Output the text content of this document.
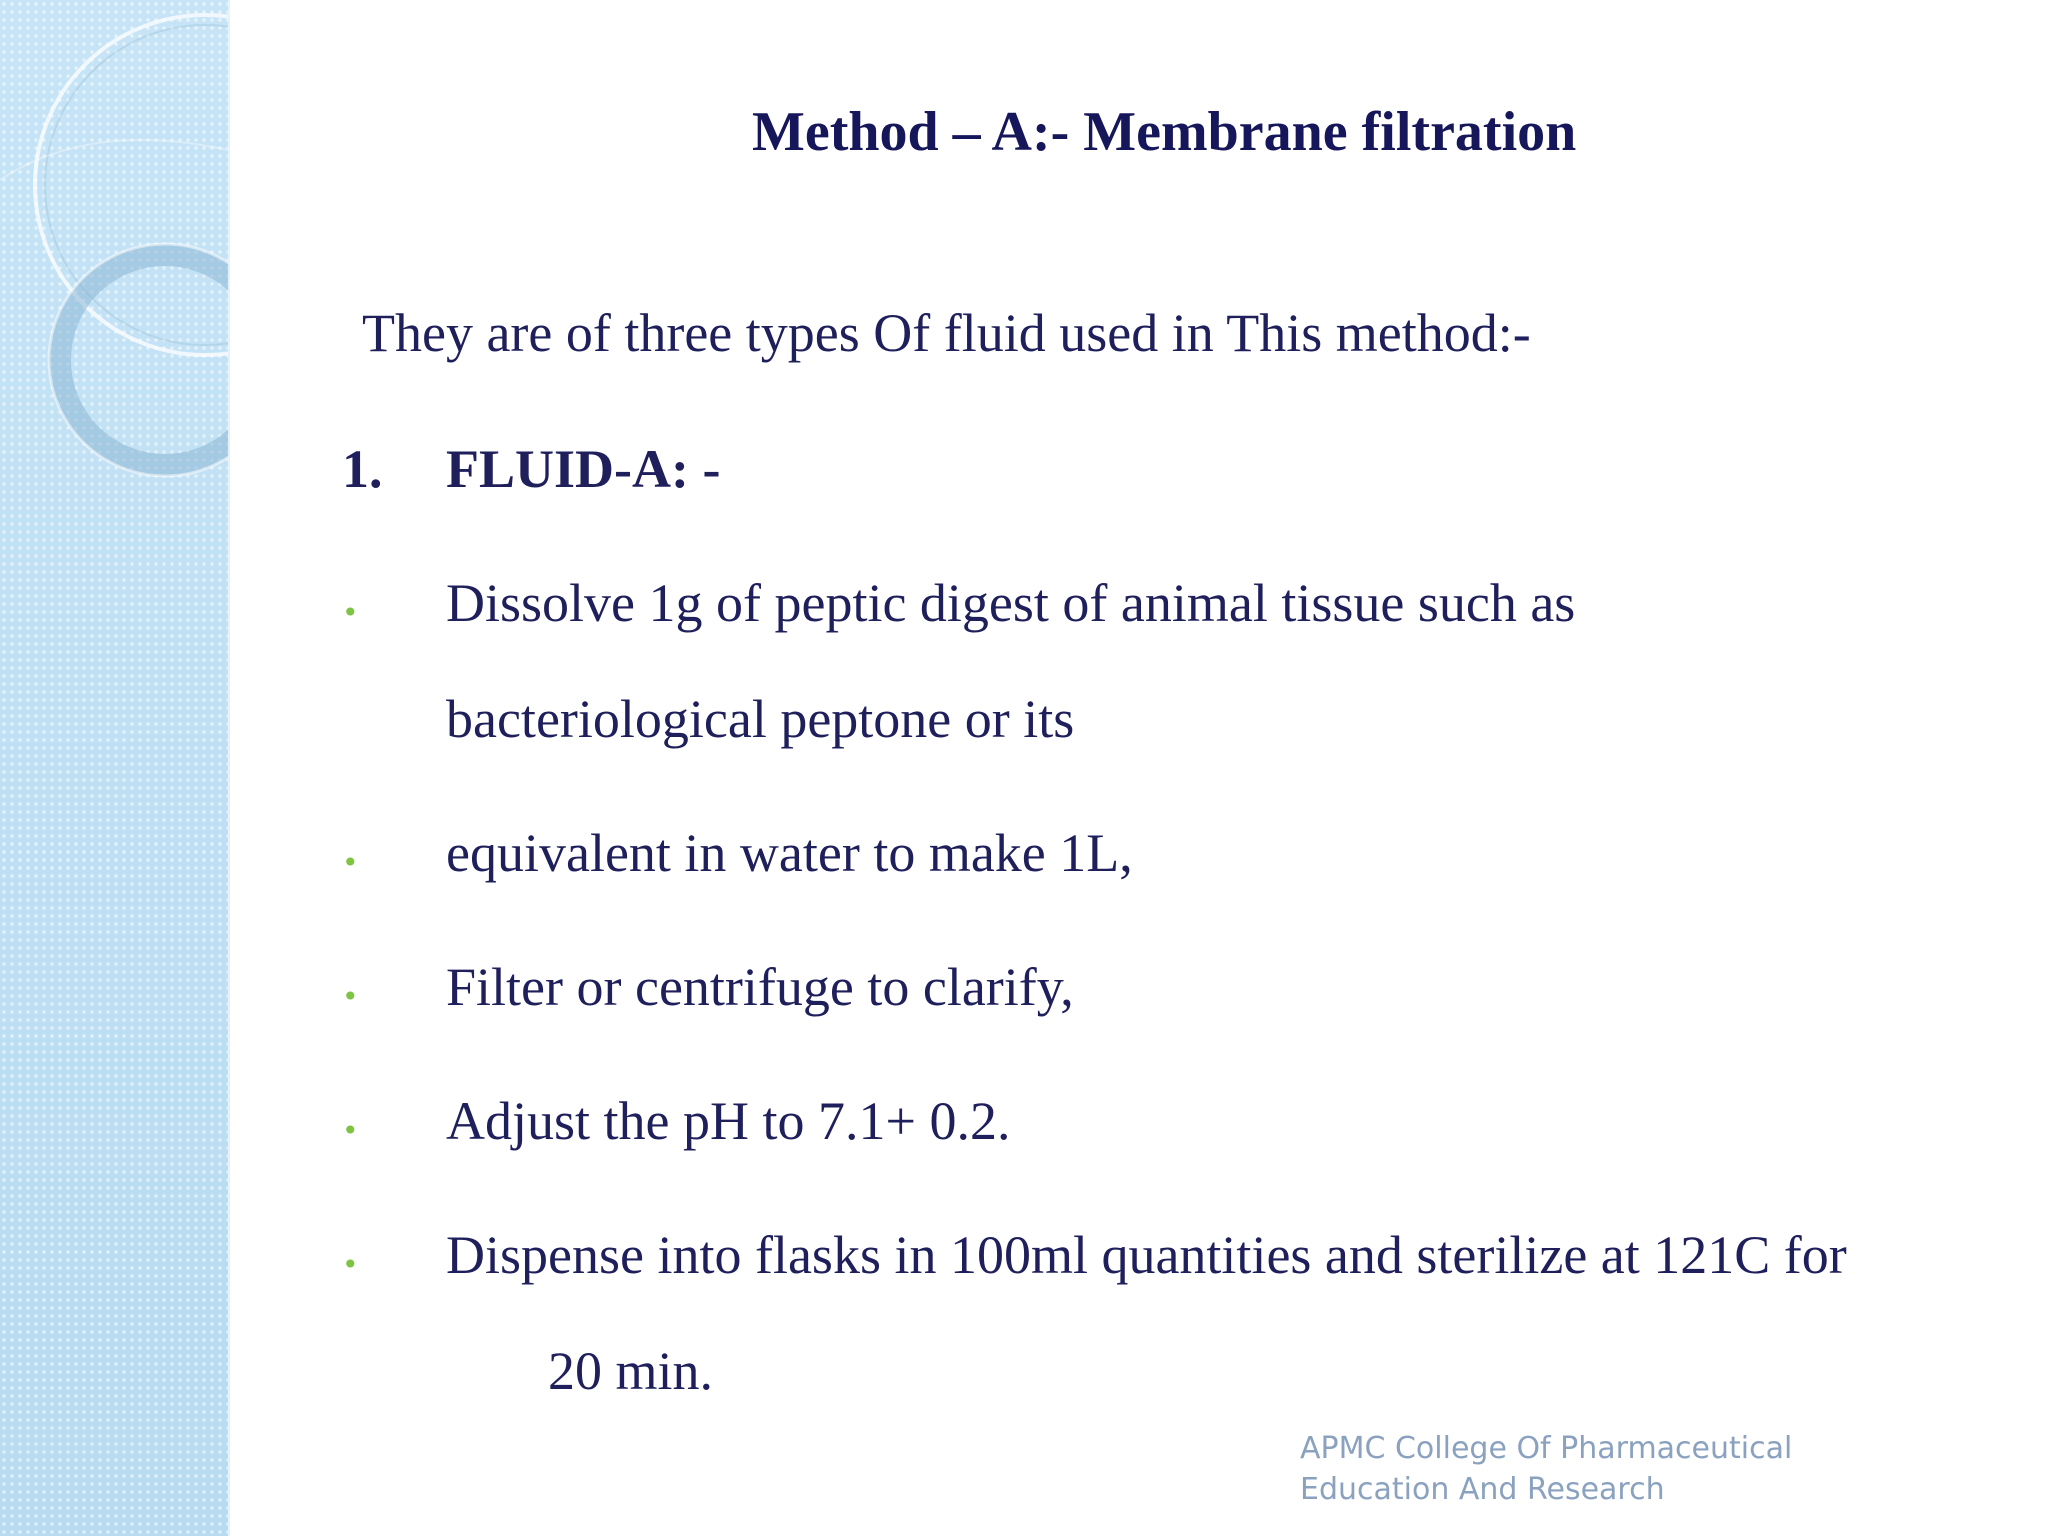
Method – A:- Membrane filtration
They are of three types Of fluid used in This method:-
1. FLUID-A: -
• Dissolve 1g of peptic digest of animal tissue such as
bacteriological peptone or its
• equivalent in water to make 1L,
• Filter or centrifuge to clarify,
• Adjust the pH to 7.1+ 0.2.
• Dispense into flasks in 100ml quantities and sterilize at 121C for
20 min.
APMC College Of Pharmaceutical
Education And Research
